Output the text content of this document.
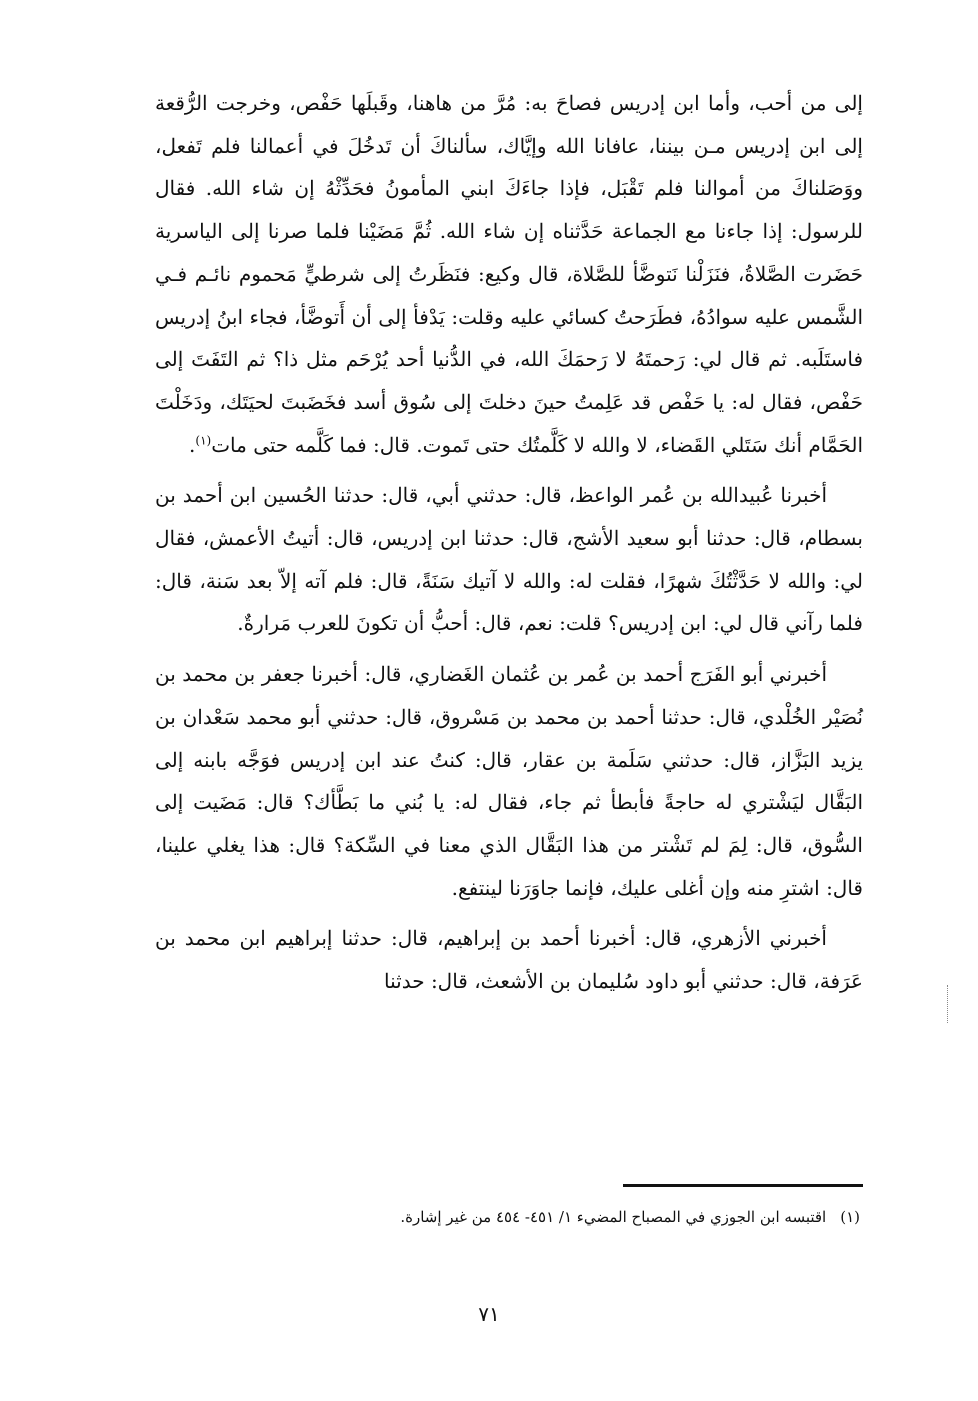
إلى من أحب، وأما ابن إدريس فصاحَ به: مُرَّ من هاهنا، وقَبلَها حَفْص، وخرجت الرُّقعة إلى ابن إدريس مـن بيننا، عافانا الله وإيَّاك، سألناكَ أن تَدخُلَ في أعمالنا فلم تَفعل، ووَصَلناكَ من أموالنا فلم تَقْبَل، فإذا جاءَكَ ابني المأمونُ فحَدِّثْهُ إن شاء الله. فقال للرسول: إذا جاءنا مع الجماعة حَدَّثناه إن شاء الله. ثُمَّ مَضَيْنا فلما صرنا إلى الياسرية حَضَرت الصَّلاةُ، فنَزَلْنا نَتوضَّأ للصَّلاة، قال وكيع: فنَظَرتُ إلى شرطيٍّ مَحموم نائـم فـي الشَّمس عليه سوادُهُ، فطَرَحتُ كسائي عليه وقلت: يَدْفأ إلى أن أَتوضَّأ، فجاء ابنُ إدريس فاستَلَبه. ثم قال لي: رَحمتَهُ لا رَحمَكَ الله، في الدُّنيا أحد يُرْحَم مثل ذا؟ ثم التَفَتَ إلى حَفْص، فقال له: يا حَفْص قد عَلِمتُ حينَ دخلتَ إلى سُوق أسد فخَضَبتَ لحيَتَك، ودَخَلْتَ الحَمَّام أنك سَتَلي القَضاء، لا والله لا كَلَّمتُك حتى تَموت. قال: فما كَلَّمه حتى مات$^{(١)}$.

أخبرنا عُبيدالله بن عُمر الواعظ، قال: حدثني أبي، قال: حدثنا الحُسين ابن أحمد بن بسطام، قال: حدثنا أبو سعيد الأشج، قال: حدثنا ابن إدريس، قال: أتيتُ الأعمش، فقال لي: والله لا حَدَّثْتُكَ شهرًا، فقلت له: والله لا آتيك سَنَةً، قال: فلم آته إلاّ بعد سَنة، قال: فلما رآني قال لي: ابن إدريس؟ قلت: نعم، قال: أحبُّ أن تكونَ للعرب مَرارةٌ.

أخبرني أبو الفَرَج أحمد بن عُمر بن عُثمان الغَضاري، قال: أخبرنا جعفر بن محمد بن نُصَيْر الخُلْدي، قال: حدثنا أحمد بن محمد بن مَسْروق، قال: حدثني أبو محمد سَعْدان بن يزيد البَزَّاز، قال: حدثني سَلَمة بن عقار، قال: كنتُ عند ابن إدريس فوَجَّه بابنه إلى البَقَّال ليَشْتري له حاجةً فأبطأ ثم جاء، فقال له: يا بُني ما بَطَّأك؟ قال: مَضَيت إلى السُّوق، قال: لِمَ لم تَشْتر من هذا البَقَّال الذي معنا في السِّكة؟ قال: هذا يغلي علينا، قال: اشترِ منه وإن أغلى عليك، فإنما جاوَرَنا لينتفع.

أخبرني الأزهري، قال: أخبرنا أحمد بن إبراهيم، قال: حدثنا إبراهيم ابن محمد بن عَرَفة، قال: حدثني أبو داود سُليمان بن الأشعث، قال: حدثنا

(١)اقتبسه ابن الجوزي في المصباح المضيء ١/ ٤٥١- ٤٥٤ من غير إشارة.
٧١
